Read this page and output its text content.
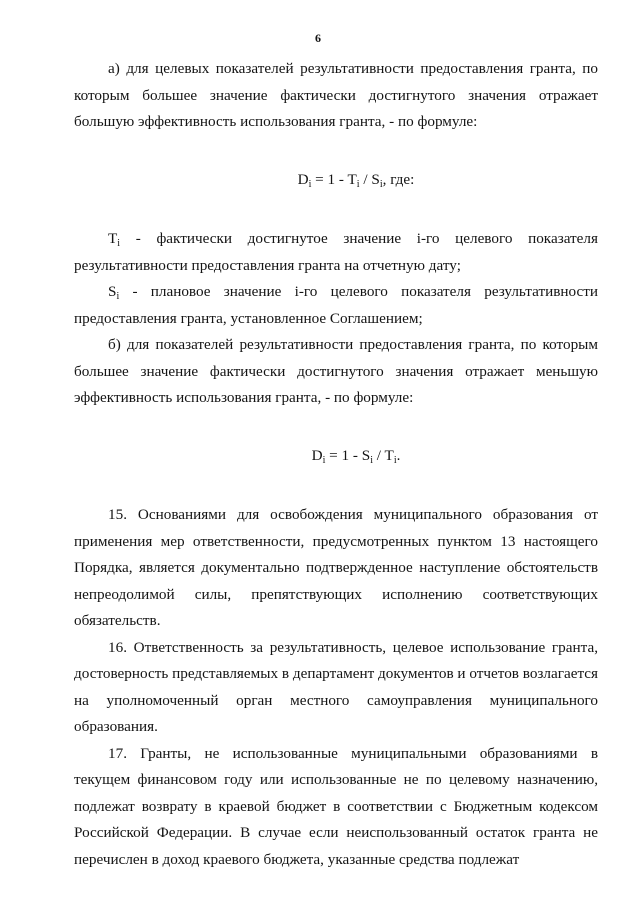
6

а) для целевых показателей результативности предоставления гранта, по которым большее значение фактически достигнутого значения отражает большую эффективность использования гранта, - по формуле:

$D_i = 1 - T_i / S_i$, где:

$T_i$ - фактически достигнутое значение i-го целевого показателя результативности предоставления гранта на отчетную дату;

$S_i$ - плановое значение i-го целевого показателя результативности предоставления гранта, установленное Соглашением;

б) для показателей результативности предоставления гранта, по которым большее значение фактически достигнутого значения отражает меньшую эффективность использования гранта, - по формуле:

$D_i = 1 - S_i / T_i$.

15. Основаниями для освобождения муниципального образования от применения мер ответственности, предусмотренных пунктом 13 настоящего Порядка, является документально подтвержденное наступление обстоятельств непреодолимой силы, препятствующих исполнению соответствующих обязательств.

16. Ответственность за результативность, целевое использование гранта, достоверность представляемых в департамент документов и отчетов возлагается на уполномоченный орган местного самоуправления муниципального образования.

17. Гранты, не использованные муниципальными образованиями в текущем финансовом году или использованные не по целевому назначению, подлежат возврату в краевой бюджет в соответствии с Бюджетным кодексом Российской Федерации. В случае если неиспользованный остаток гранта не перечислен в доход краевого бюджета, указанные средства подлежат
